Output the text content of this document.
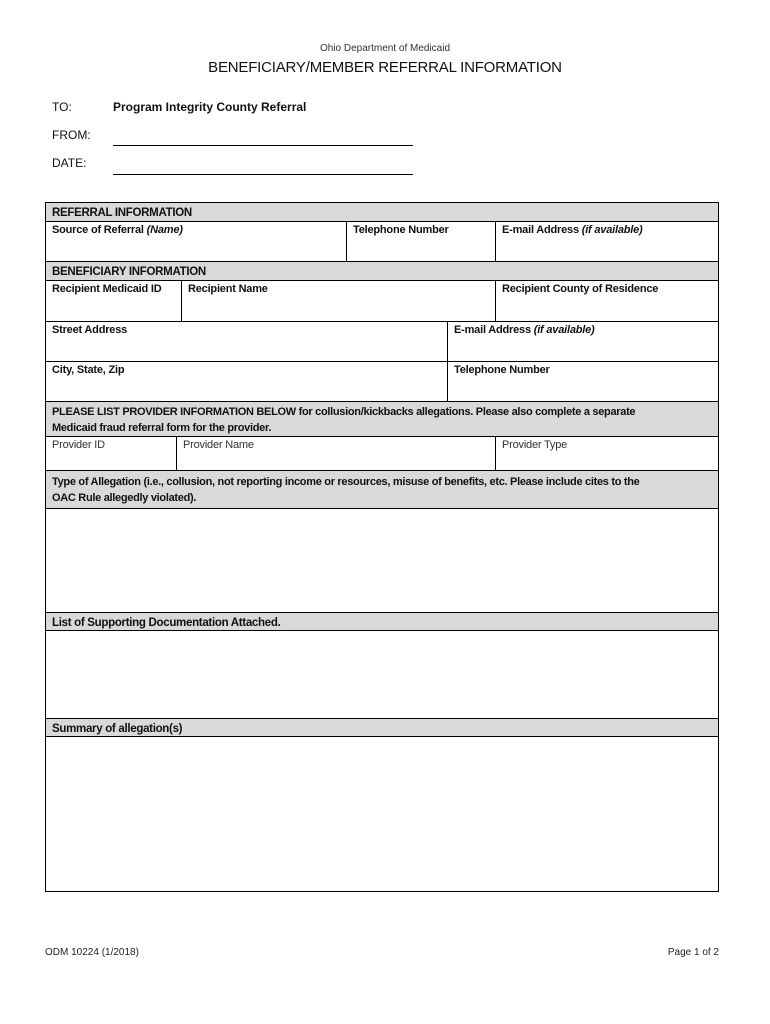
Ohio Department of Medicaid
BENEFICIARY/MEMBER REFERRAL INFORMATION
TO:	Program Integrity County Referral
FROM:
DATE:
REFERRAL INFORMATION
Source of Referral (Name)	Telephone Number	E-mail Address (if available)
BENEFICIARY INFORMATION
Recipient Medicaid ID	Recipient Name	Recipient County of Residence
Street Address	E-mail Address (if available)
City, State, Zip	Telephone Number
PLEASE LIST PROVIDER INFORMATION BELOW for collusion/kickbacks allegations. Please also complete a separate
Medicaid fraud referral form for the provider.
Provider ID	Provider Name	Provider Type
Type of Allegation (i.e., collusion, not reporting income or resources, misuse of benefits, etc. Please include cites to the
OAC Rule allegedly violated).
List of Supporting Documentation Attached.
Summary of allegation(s)
ODM 10224 (1/2018)	Page 1 of 2
